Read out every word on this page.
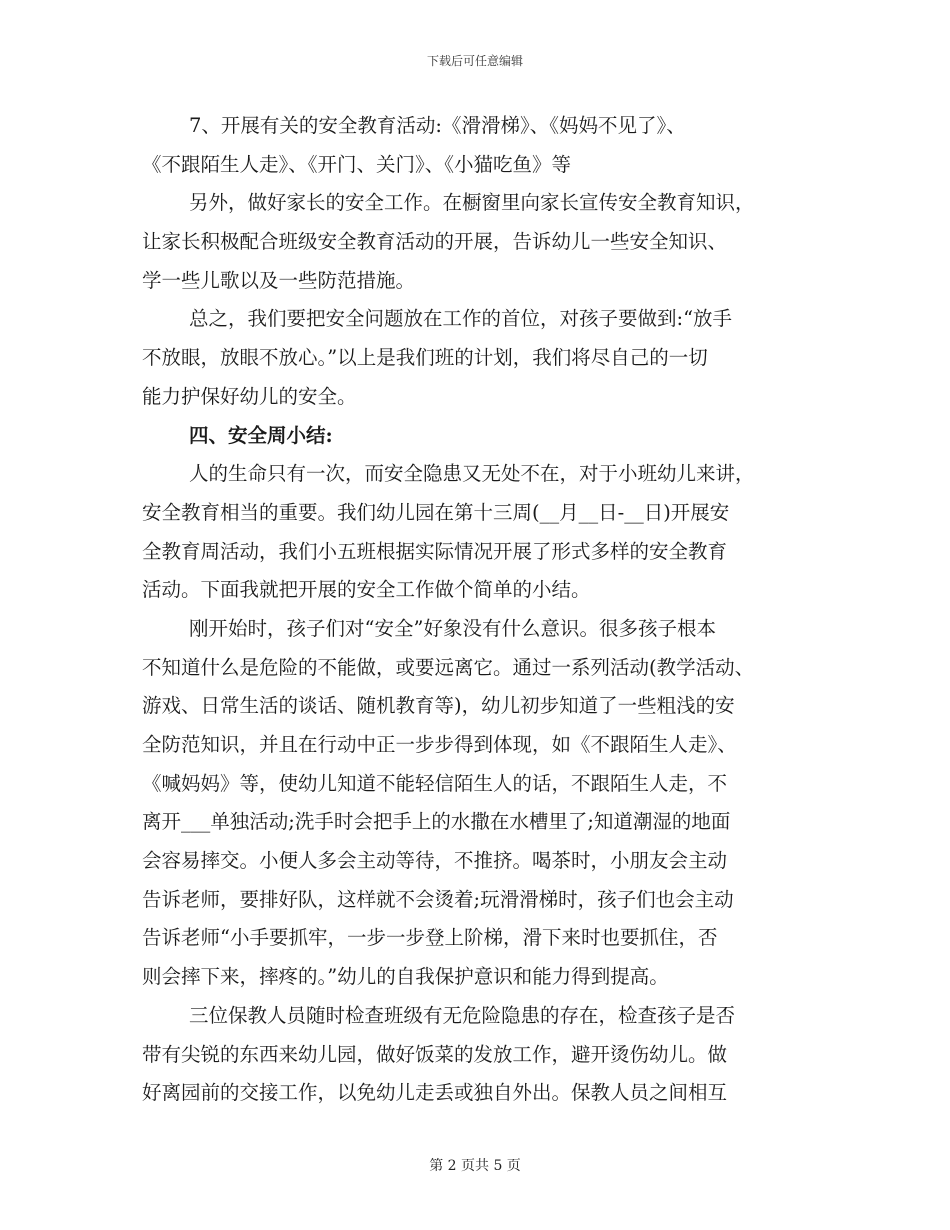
下载后可任意编辑
7、开展有关的安全教育活动:《滑滑梯》、《妈妈不见了》、
《不跟陌生人走》、《开门、关门》、《小猫吃鱼》等
另外，做好家长的安全工作。在橱窗里向家长宣传安全教育知识，
让家长积极配合班级安全教育活动的开展，告诉幼儿一些安全知识、
学一些儿歌以及一些防范措施。
总之，我们要把安全问题放在工作的首位，对孩子要做到:“放手
不放眼，放眼不放心。”以上是我们班的计划，我们将尽自己的一切
能力护保好幼儿的安全。
四、安全周小结:
人的生命只有一次，而安全隐患又无处不在，对于小班幼儿来讲，
安全教育相当的重要。我们幼儿园在第十三周(__月__日-__日)开展安
全教育周活动，我们小五班根据实际情况开展了形式多样的安全教育
活动。下面我就把开展的安全工作做个简单的小结。
刚开始时，孩子们对“安全”好象没有什么意识。很多孩子根本
不知道什么是危险的不能做，或要远离它。通过一系列活动(教学活动、
游戏、日常生活的谈话、随机教育等)，幼儿初步知道了一些粗浅的安
全防范知识，并且在行动中正一步步得到体现，如《不跟陌生人走》、
《喊妈妈》等，使幼儿知道不能轻信陌生人的话，不跟陌生人走，不
离开___单独活动;洗手时会把手上的水撒在水槽里了;知道潮湿的地面
会容易摔交。小便人多会主动等待，不推挤。喝茶时，小朋友会主动
告诉老师，要排好队，这样就不会烫着;玩滑滑梯时，孩子们也会主动
告诉老师“小手要抓牢，一步一步登上阶梯，滑下来时也要抓住，否
则会摔下来，摔疼的。”幼儿的自我保护意识和能力得到提高。
三位保教人员随时检查班级有无危险隐患的存在，检查孩子是否
带有尖锐的东西来幼儿园，做好饭菜的发放工作，避开烫伤幼儿。做
好离园前的交接工作，以免幼儿走丢或独自外出。保教人员之间相互
第 2 页共 5 页
